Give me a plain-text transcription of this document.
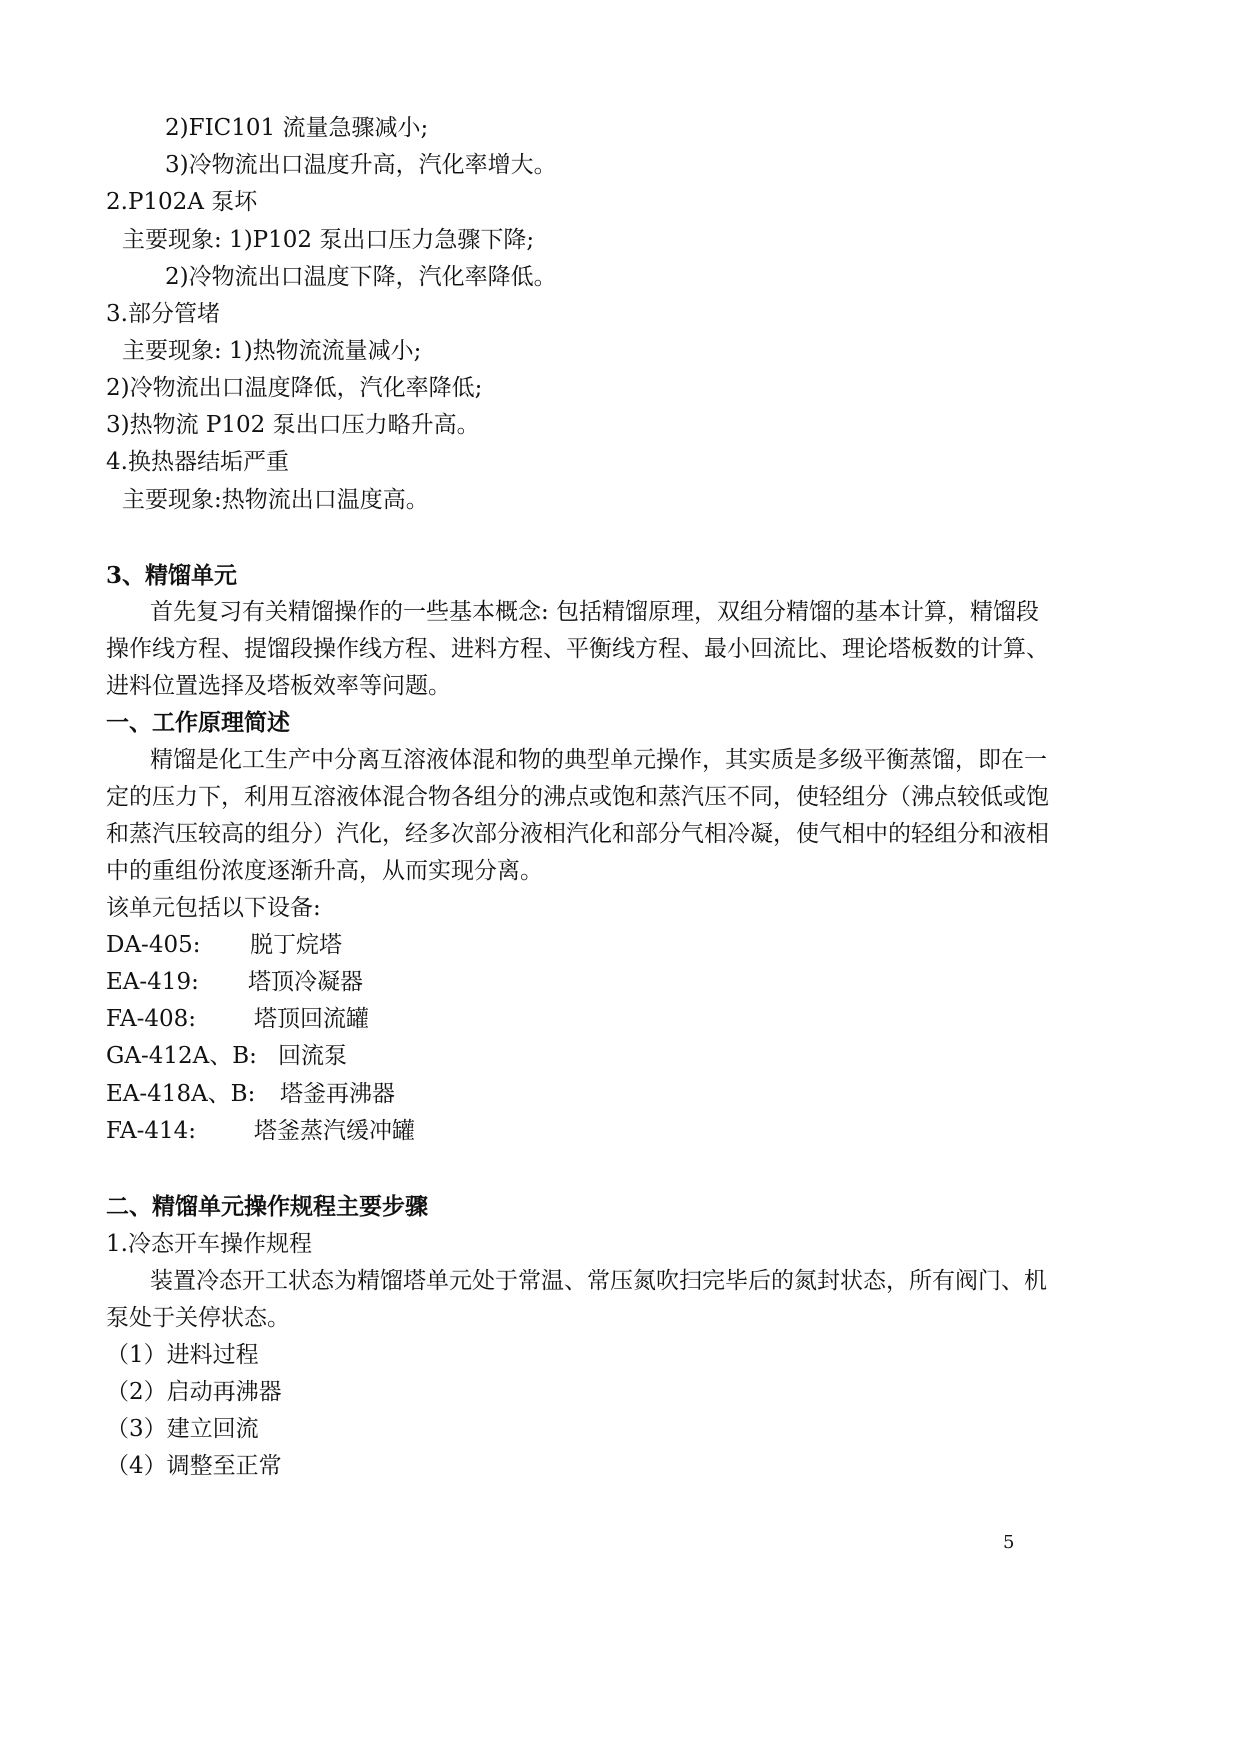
2)FIC101 流量急骤减小;
3)冷物流出口温度升高，汽化率增大。
2.P102A 泵坏
主要现象: 1)P102 泵出口压力急骤下降;
2)冷物流出口温度下降，汽化率降低。
3.部分管堵
主要现象: 1)热物流流量减小;
2)冷物流出口温度降低，汽化率降低;
3)热物流 P102 泵出口压力略升高。
4.换热器结垢严重
主要现象:热物流出口温度高。
3、精馏单元
首先复习有关精馏操作的一些基本概念: 包括精馏原理，双组分精馏的基本计算，精馏段
操作线方程、提馏段操作线方程、进料方程、平衡线方程、最小回流比、理论塔板数的计算、
进料位置选择及塔板效率等问题。
一、工作原理简述
精馏是化工生产中分离互溶液体混和物的典型单元操作，其实质是多级平衡蒸馏，即在一
定的压力下，利用互溶液体混合物各组分的沸点或饱和蒸汽压不同，使轻组分（沸点较低或饱
和蒸汽压较高的组分）汽化，经多次部分液相汽化和部分气相冷凝，使气相中的轻组分和液相
中的重组份浓度逐渐升高，从而实现分离。
该单元包括以下设备:
DA-405: 脱丁烷塔
EA-419: 塔顶冷凝器
FA-408:	塔顶回流罐
GA-412A、B: 回流泵
EA-418A、B: 塔釜再沸器
FA-414:	塔釜蒸汽缓冲罐
二、精馏单元操作规程主要步骤
1.冷态开车操作规程
装置冷态开工状态为精馏塔单元处于常温、常压氮吹扫完毕后的氮封状态，所有阀门、机
泵处于关停状态。
（1）进料过程
（2）启动再沸器
（3）建立回流
（4）调整至正常
5
